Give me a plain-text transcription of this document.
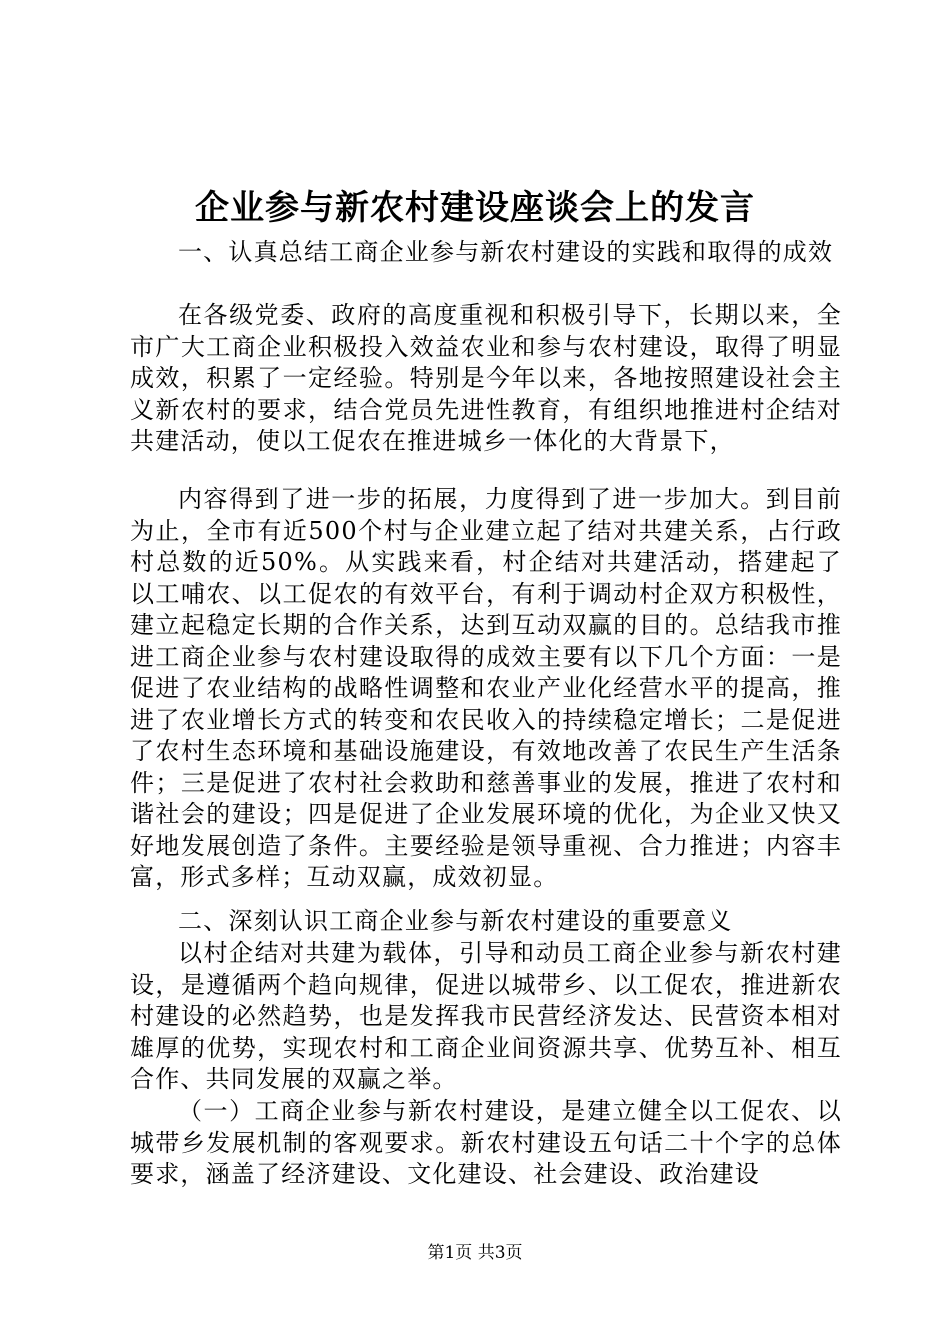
企业参与新农村建设座谈会上的发言

一、认真总结工商企业参与新农村建设的实践和取得的成效

在各级党委、政府的高度重视和积极引导下，长期以来，全市广大工商企业积极投入效益农业和参与农村建设，取得了明显成效，积累了一定经验。特别是今年以来，各地按照建设社会主义新农村的要求，结合党员先进性教育，有组织地推进村企结对共建活动，使以工促农在推进城乡一体化的大背景下，

内容得到了进一步的拓展，力度得到了进一步加大。到目前为止，全市有近500个村与企业建立起了结对共建关系，占行政村总数的近50%。从实践来看，村企结对共建活动，搭建起了以工哺农、以工促农的有效平台，有利于调动村企双方积极性，建立起稳定长期的合作关系，达到互动双赢的目的。总结我市推进工商企业参与农村建设取得的成效主要有以下几个方面：一是促进了农业结构的战略性调整和农业产业化经营水平的提高，推进了农业增长方式的转变和农民收入的持续稳定增长；二是促进了农村生态环境和基础设施建设，有效地改善了农民生产生活条件；三是促进了农村社会救助和慈善事业的发展，推进了农村和谐社会的建设；四是促进了企业发展环境的优化，为企业又快又好地发展创造了条件。主要经验是领导重视、合力推进；内容丰富，形式多样；互动双赢，成效初显。

二、深刻认识工商企业参与新农村建设的重要意义

以村企结对共建为载体，引导和动员工商企业参与新农村建设，是遵循两个趋向规律，促进以城带乡、以工促农，推进新农村建设的必然趋势，也是发挥我市民营经济发达、民营资本相对雄厚的优势，实现农村和工商企业间资源共享、优势互补、相互合作、共同发展的双赢之举。

（一）工商企业参与新农村建设，是建立健全以工促农、以城带乡发展机制的客观要求。新农村建设五句话二十个字的总体要求，涵盖了经济建设、文化建设、社会建设、政治建设

第1页 共3页
